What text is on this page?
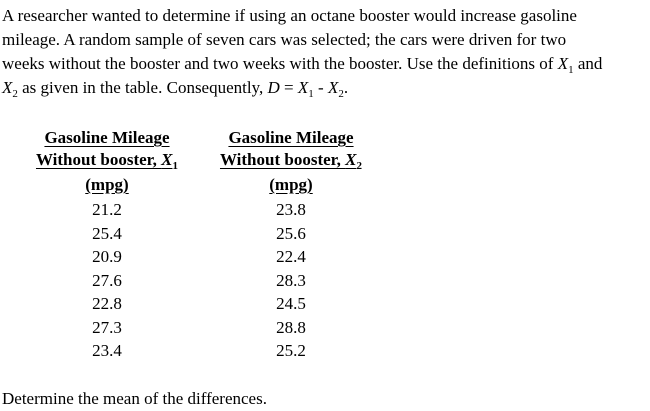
A researcher wanted to determine if using an octane booster would increase gasoline
mileage. A random sample of seven cars was selected; the cars were driven for two
weeks without the booster and two weeks with the booster. Use the definitions of $X_1$ and
$X_2$ as given in the table. Consequently, $D = X_1 - X_2$.
Gasoline Mileage
Without booster, $X_1$
(mpg)
21.2
25.4
20.9
27.6
22.8
27.3
23.4
Gasoline Mileage
Without booster, $X_2$
(mpg)
23.8
25.6
22.4
28.3
24.5
28.8
25.2

Determine the mean of the differences.
